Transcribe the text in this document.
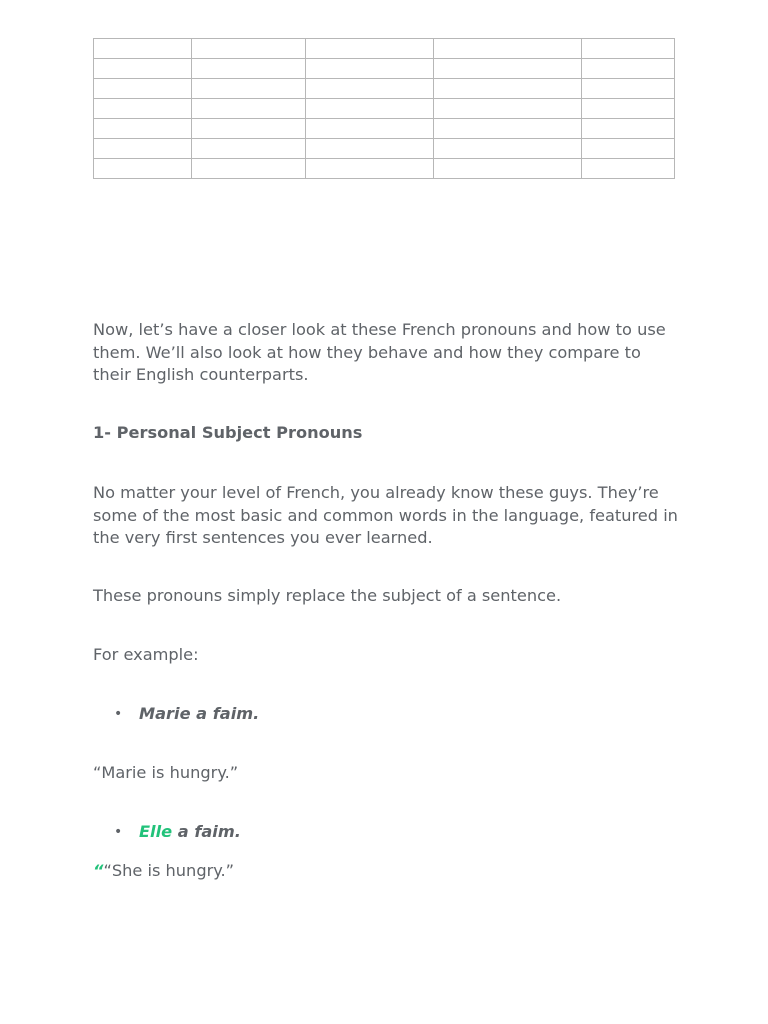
Now, let’s have a closer look at these French pronouns and how to use them. We’ll also look at how they behave and how they compare to their English counterparts.

1- Personal Subject Pronouns

No matter your level of French, you already know these guys. They’re some of the most basic and common words in the language, featured in the very first sentences you ever learned.

These pronouns simply replace the subject of a sentence.

For example:

• Marie a faim.

“Marie is hungry.”

• Elle a faim.

““She is hungry.”
